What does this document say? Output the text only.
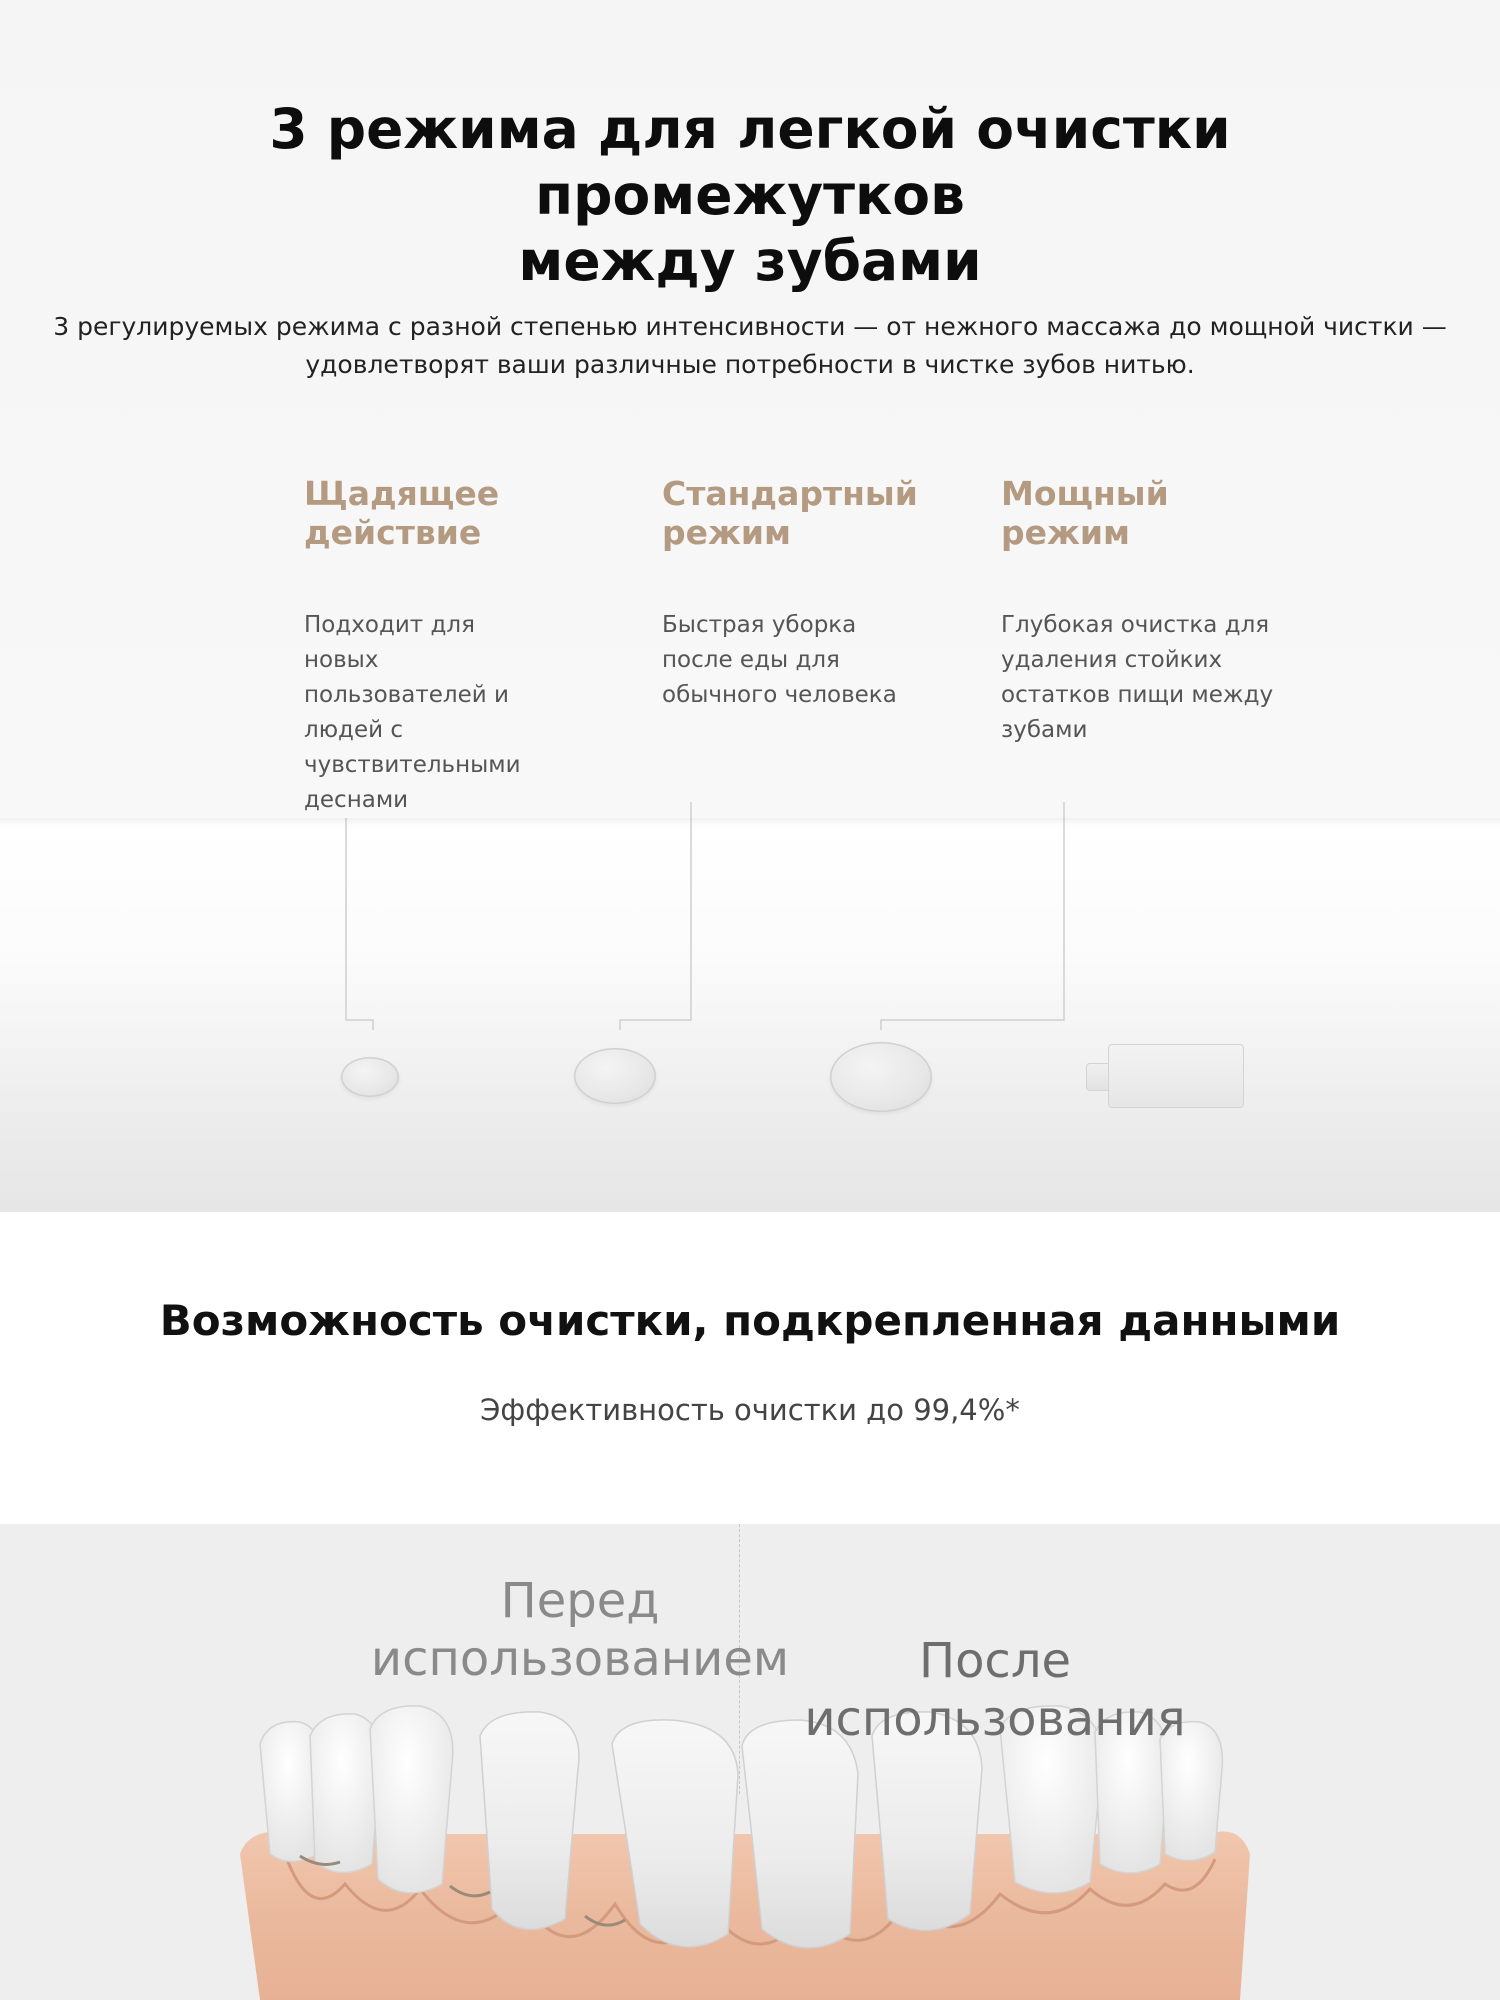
3 режима для легкой очистки промежутков
между зубами

3 регулируемых режима с разной степенью интенсивности — от нежного массажа до мощной чистки —
удовлетворят ваши различные потребности в чистке зубов нитью.

Щадящее
действие
Подходит для
новых
пользователей и
людей с
чувствительными
деснами
Стандартный
режим
Быстрая уборка
после еды для
обычного человека
Мощный
режим
Глубокая очистка для
удаления стойких
остатков пищи между
зубами
Возможность очистки, подкрепленная данными

Эффективность очистки до 99,4%*

Перед
использованием	После
использования
